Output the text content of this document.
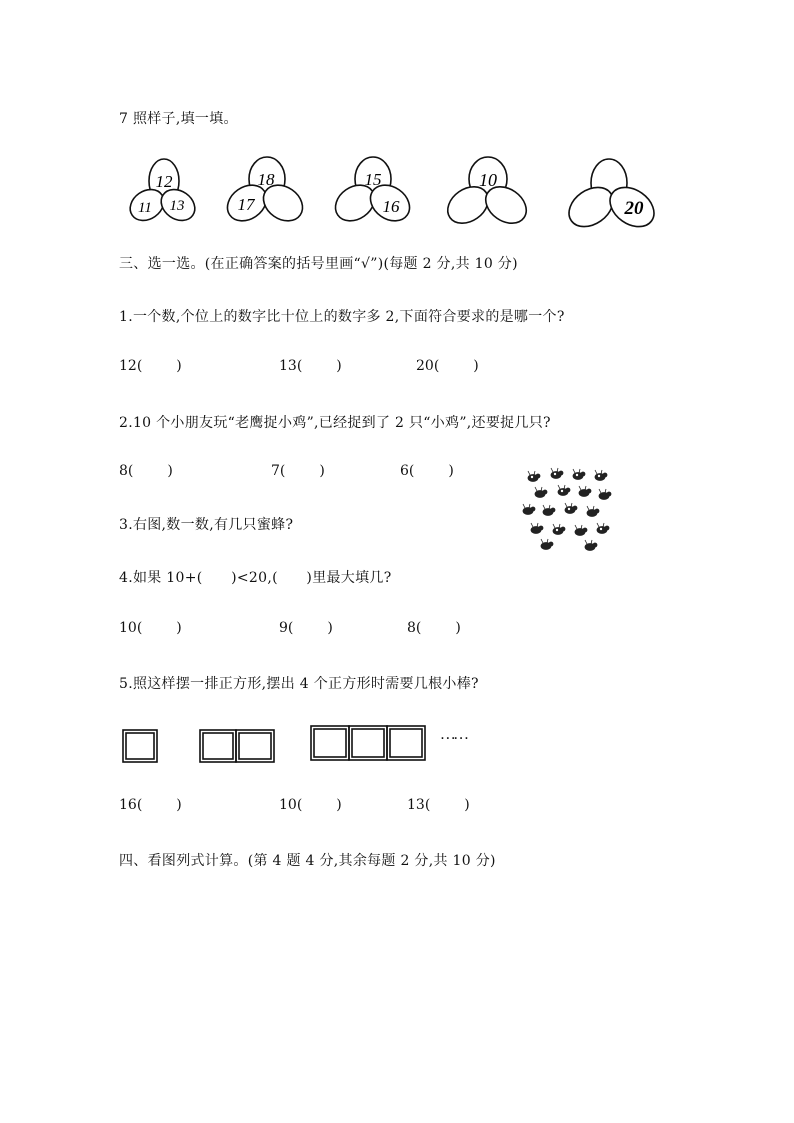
7 照样子,填一填。
12
11 13
18
17
15
16
10
20
三、选一选。(在正确答案的括号里画“√”)(每题 2 分,共 10 分)
1.一个数,个位上的数字比十位上的数字多 2,下面符合要求的是哪一个?
12( )	13( )	20( )
2.10 个小朋友玩“老鹰捉小鸡”,已经捉到了 2 只“小鸡”,还要捉几只?
8( )	7( )	6( )
3.右图,数一数,有几只蜜蜂?
4.如果 10+(　　)<20,(　　)里最大填几?
10( )	9( )	8( )
5.照这样摆一排正方形,摆出 4 个正方形时需要几根小棒?
……
16( )	10( )	13( )
四、看图列式计算。(第 4 题 4 分,其余每题 2 分,共 10 分)
